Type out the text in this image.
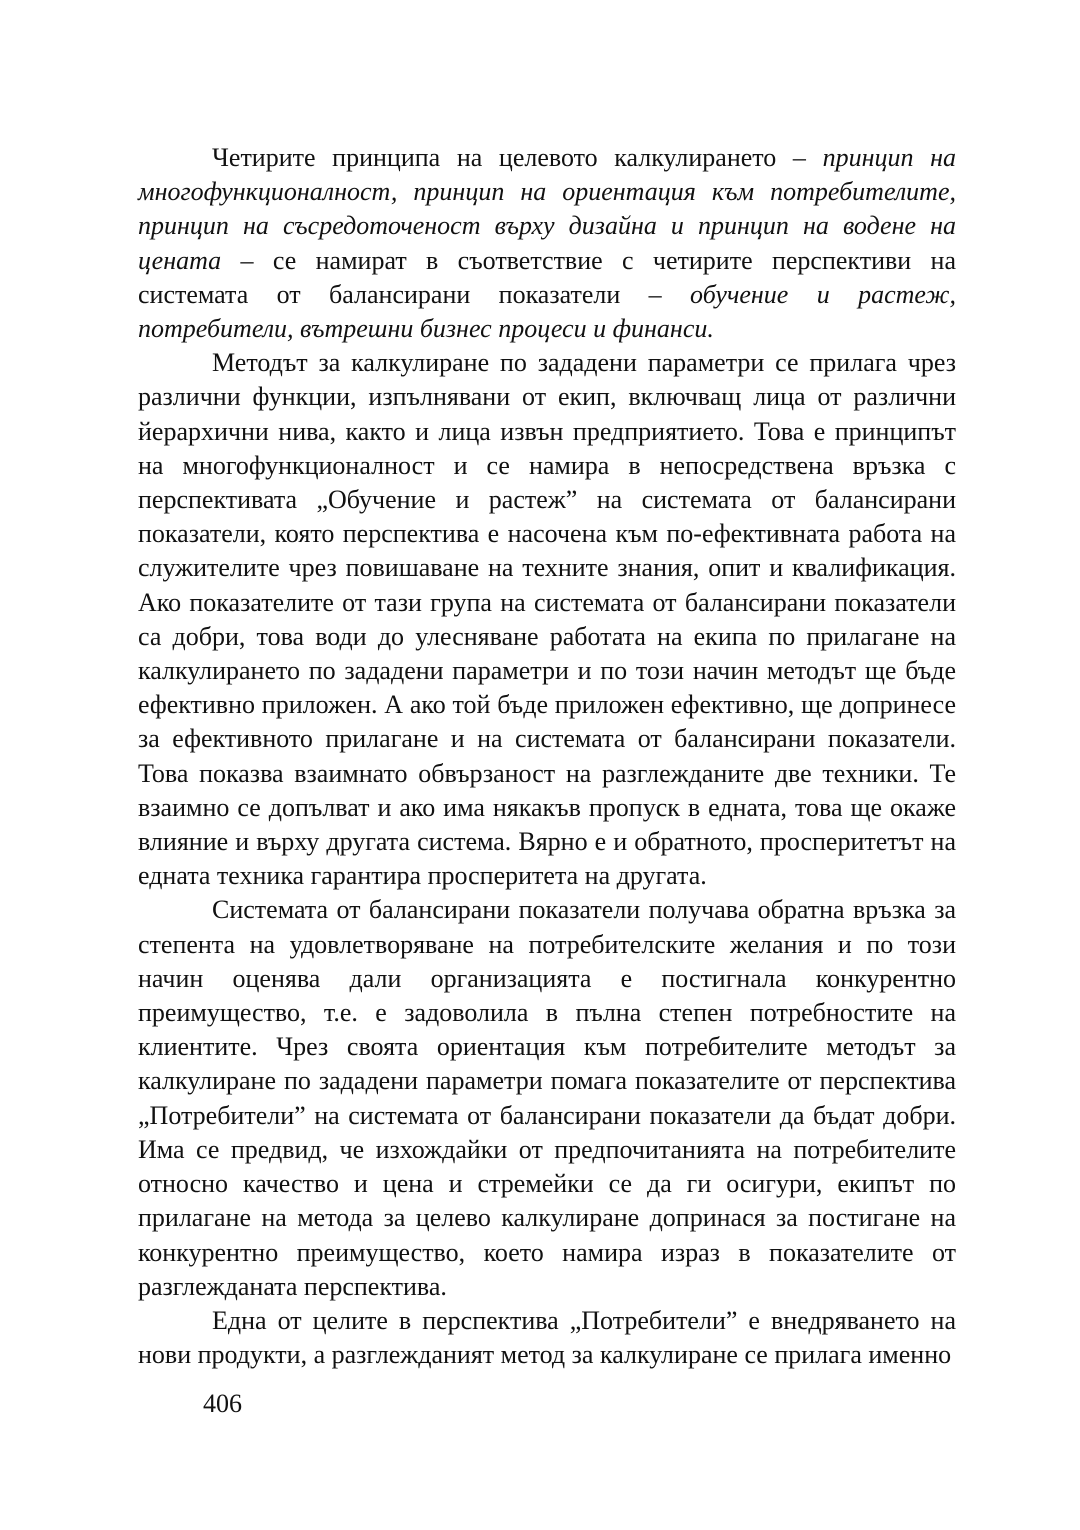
Четирите принципа на целевото калкулирането – принцип на многофункционалност, принцип на ориентация към потребителите, принцип на съсредоточеност върху дизайна и принцип на водене на цената – се намират в съответствие с четирите перспективи на системата от балансирани показатели – обучение и растеж, потребители, вътрешни бизнес процеси и финанси.

Методът за калкулиране по зададени параметри се прилага чрез различни функции, изпълнявани от екип, включващ лица от различни йерархични нива, както и лица извън предприятието. Това е принципът на многофункционалност и се намира в непосредствена връзка с перспективата „Обучение и растеж” на системата от балансирани показатели, която перспектива е насочена към по-ефективната работа на служителите чрез повишаване на техните знания, опит и квалификация. Ако показателите от тази група на системата от балансирани показатели са добри, това води до улесняване работата на екипа по прилагане на калкулирането по зададени параметри и по този начин методът ще бъде ефективно приложен. А ако той бъде приложен ефективно, ще допринесе за ефективното прилагане и на системата от балансирани показатели. Това показва взаимнато обвързаност на разглежданите две техники. Те взаимно се допълват и ако има някакъв пропуск в едната, това ще окаже влияние и върху другата система. Вярно е и обратното, просперитетът на едната техника гарантира просперитета на другата.

Системата от балансирани показатели получава обратна връзка за степента на удовлетворяване на потребителските желания и по този начин оценява дали организацията е постигнала конкурентно преимущество, т.е. е задоволила в пълна степен потребностите на клиентите. Чрез своята ориентация към потребителите методът за калкулиране по зададени параметри помага показателите от перспектива „Потребители” на системата от балансирани показатели да бъдат добри. Има се предвид, че изхождайки от предпочитанията на потребителите относно качество и цена и стремейки се да ги осигури, екипът по прилагане на метода за целево калкулиране допринася за постигане на конкурентно преимущество, което намира израз в показателите от разглежданата перспектива.

Една от целите в перспектива „Потребители” е внедряването на нови продукти, а разглежданият метод за калкулиране се прилага именно

406
